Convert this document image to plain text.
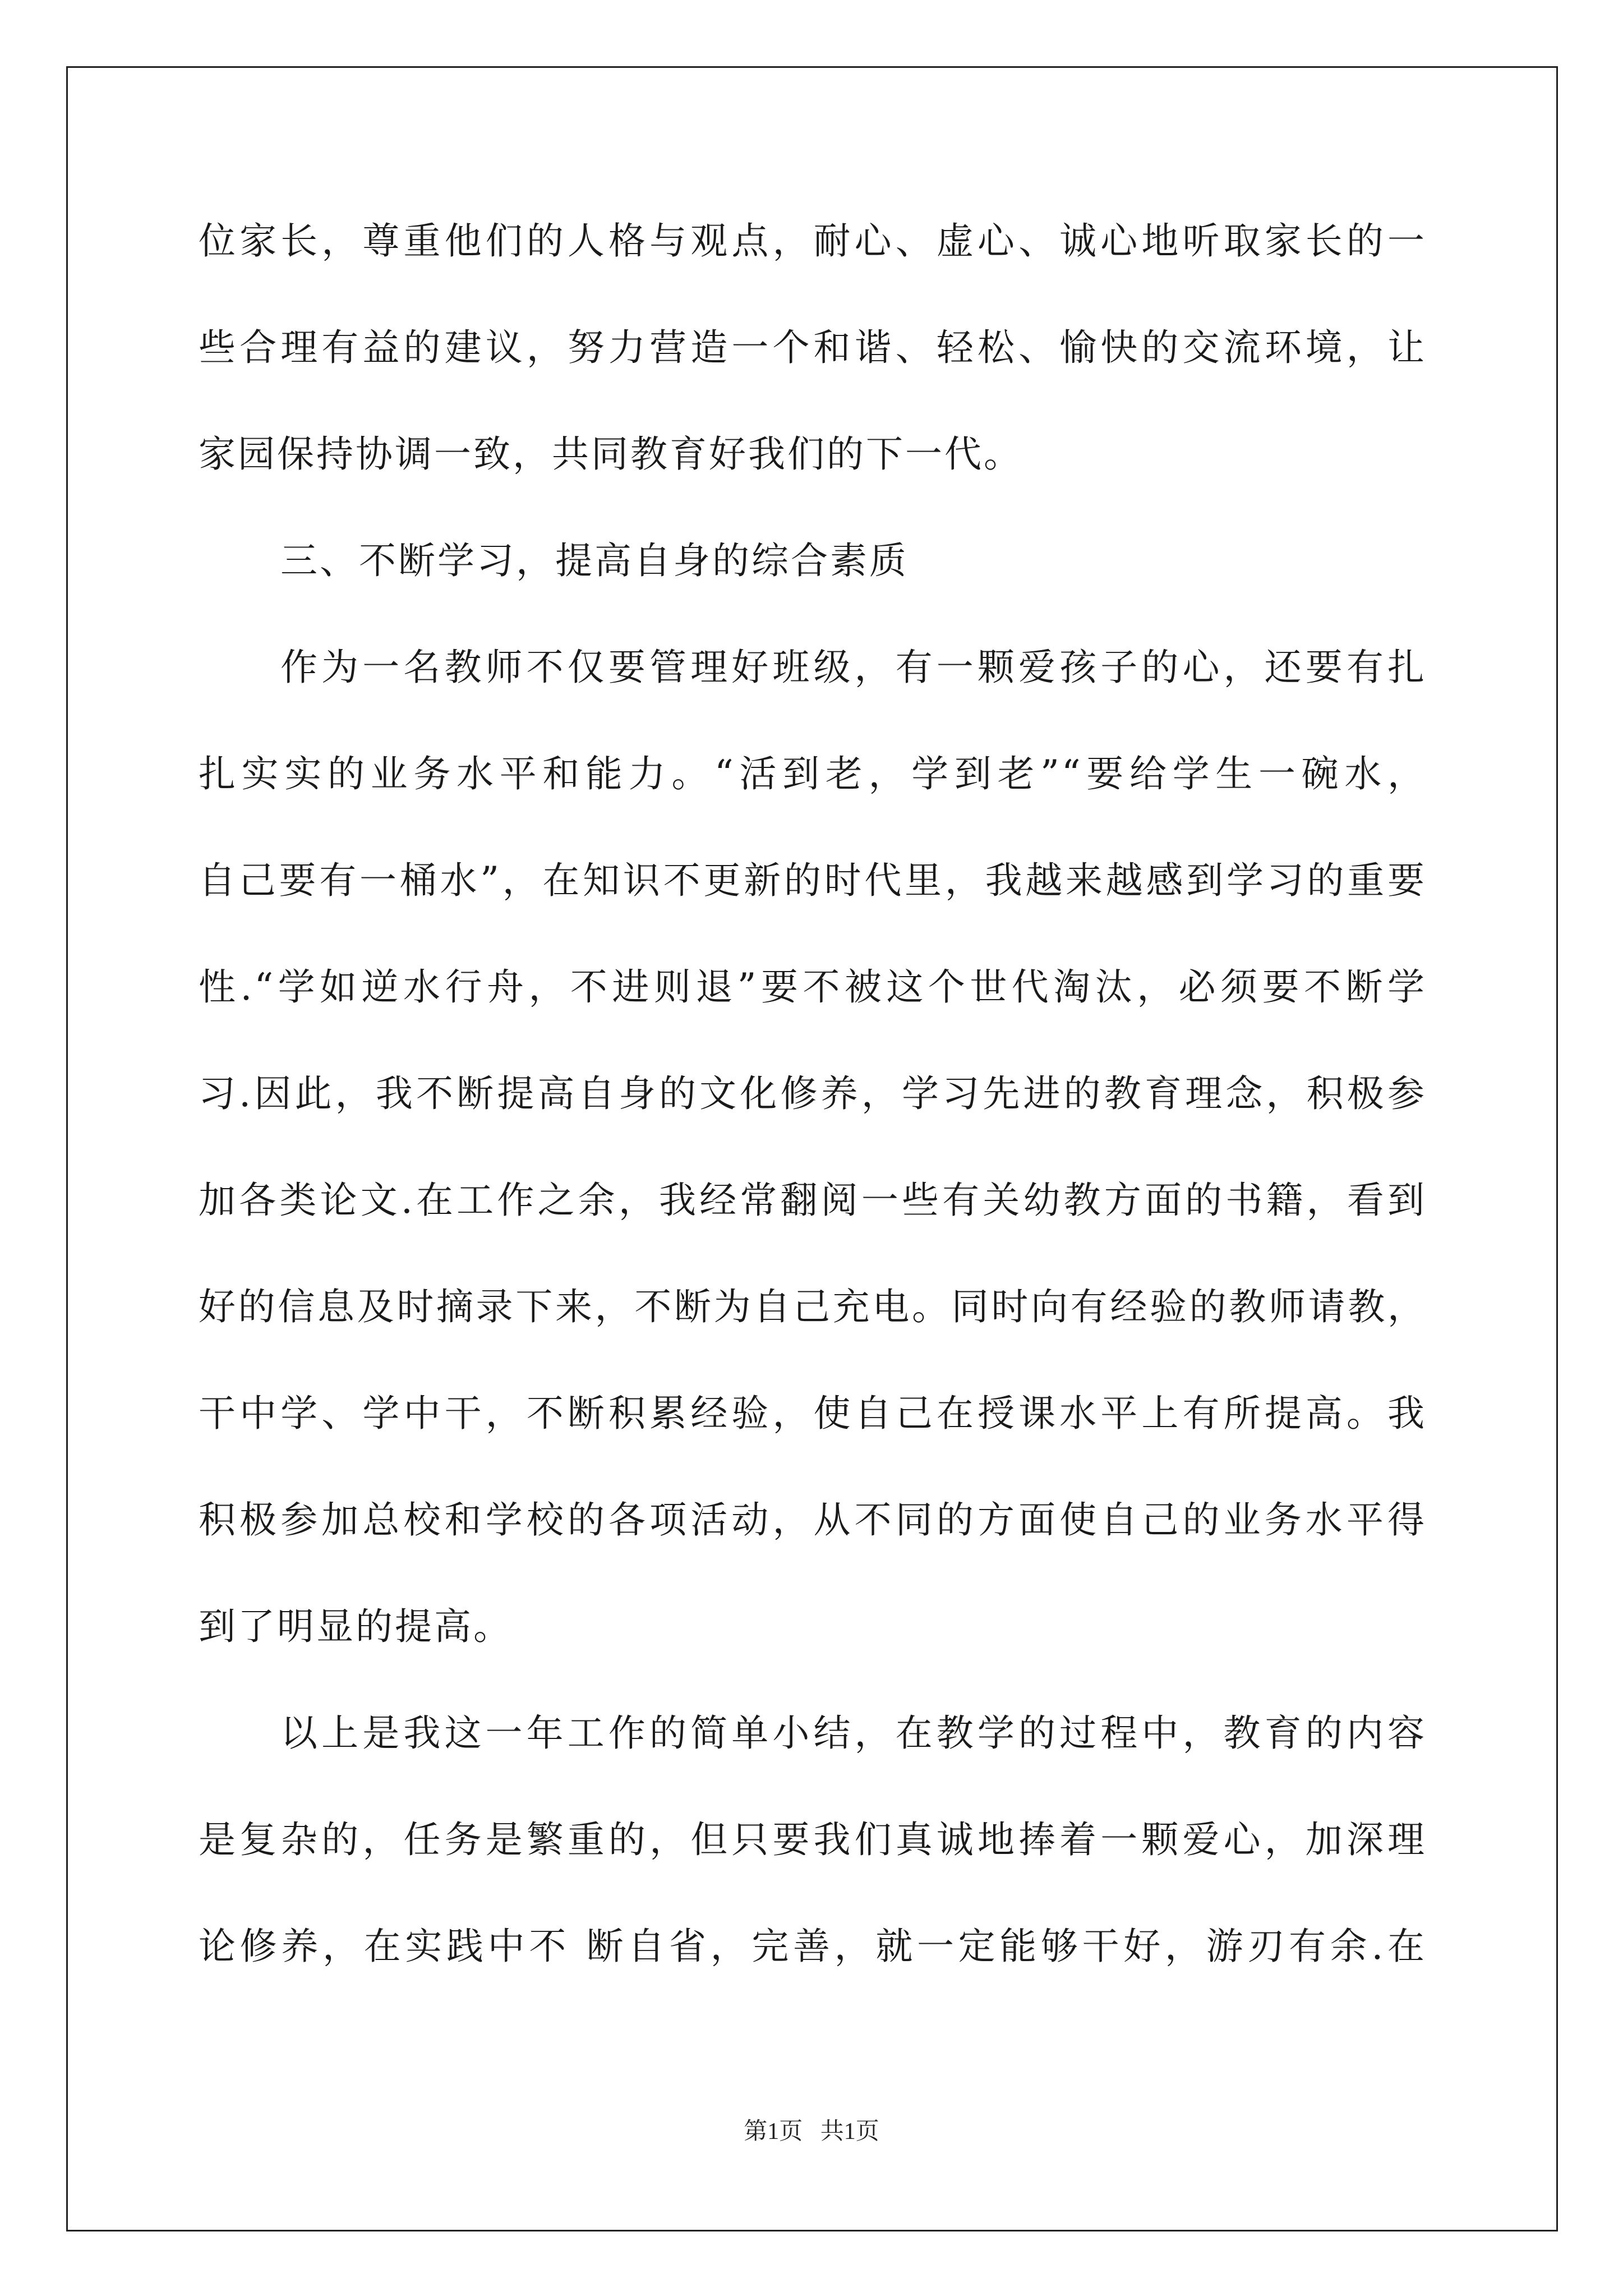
位家长，尊重他们的人格与观点，耐心、虚心、诚心地听取家长的一
些合理有益的建议，努力营造一个和谐、轻松、愉快的交流环境，让
家园保持协调一致，共同教育好我们的下一代。
三、不断学习，提高自身的综合素质
作为一名教师不仅要管理好班级，有一颗爱孩子的心，还要有扎
扎实实的业务水平和能力。“活到老，学到老”“要给学生一碗水，
自己要有一桶水”，在知识不更新的时代里，我越来越感到学习的重要
性.“学如逆水行舟，不进则退”要不被这个世代淘汰，必须要不断学
习.因此，我不断提高自身的文化修养，学习先进的教育理念，积极参
加各类论文.在工作之余，我经常翻阅一些有关幼教方面的书籍，看到
好的信息及时摘录下来，不断为自己充电。同时向有经验的教师请教，
干中学、学中干，不断积累经验，使自己在授课水平上有所提高。我
积极参加总校和学校的各项活动，从不同的方面使自己的业务水平得
到了明显的提高。
以上是我这一年工作的简单小结，在教学的过程中，教育的内容
是复杂的，任务是繁重的，但只要我们真诚地捧着一颗爱心，加深理
论修养，在实践中不 断自省，完善，就一定能够干好，游刃有余.在
第1页   共1页
